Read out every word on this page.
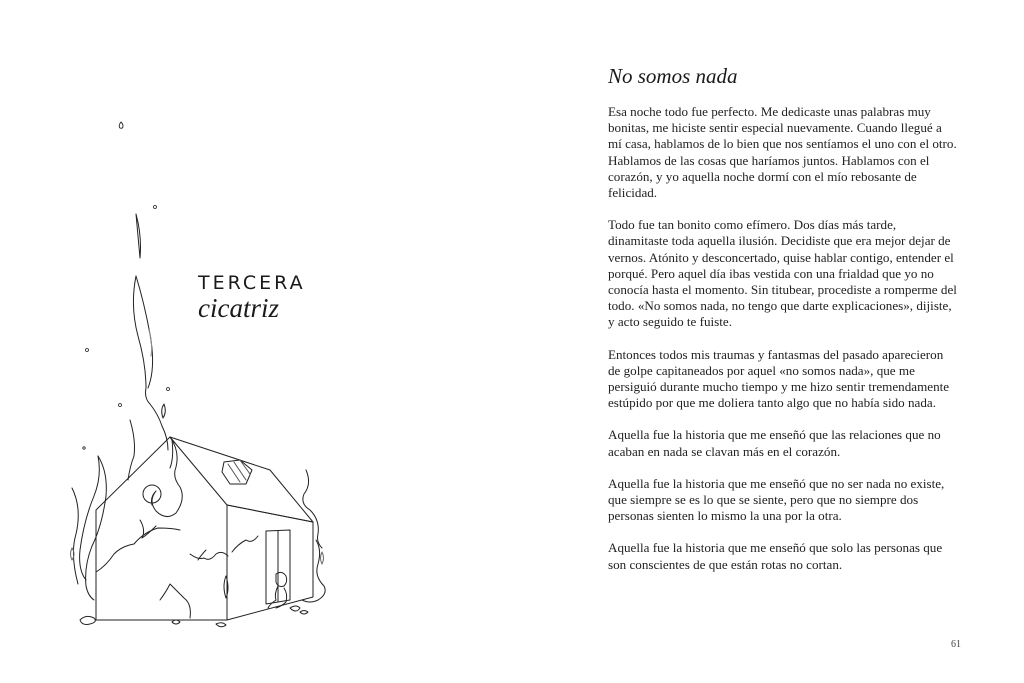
TERCERA
cicatriz
No somos nada

Esa noche todo fue perfecto. Me dedicaste unas palabras muy bonitas, me hiciste sentir especial nuevamente. Cuando llegué a mí casa, hablamos de lo bien que nos sentíamos el uno con el otro. Hablamos de las cosas que haríamos juntos. Hablamos con el corazón, y yo aquella noche dormí con el mío rebosante de felicidad.

Todo fue tan bonito como efímero. Dos días más tarde, dinamitaste toda aquella ilusión. Decidiste que era mejor dejar de vernos. Atónito y desconcertado, quise hablar contigo, entender el porqué. Pero aquel día ibas vestida con una frialdad que yo no conocía hasta el momento. Sin titubear, procediste a romperme del todo. «No somos nada, no tengo que darte explicaciones», dijiste, y acto seguido te fuiste.

Entonces todos mis traumas y fantasmas del pasado aparecieron de golpe capitaneados por aquel «no somos nada», que me persiguió durante mucho tiempo y me hizo sentir tremendamente estúpido por que me doliera tanto algo que no había sido nada.

Aquella fue la historia que me enseñó que las relaciones que no acaban en nada se clavan más en el corazón.

Aquella fue la historia que me enseñó que no ser nada no existe, que siempre se es lo que se siente, pero que no siempre dos personas sienten lo mismo la una por la otra.

Aquella fue la historia que me enseñó que solo las personas que son conscientes de que están rotas no cortan.

61
